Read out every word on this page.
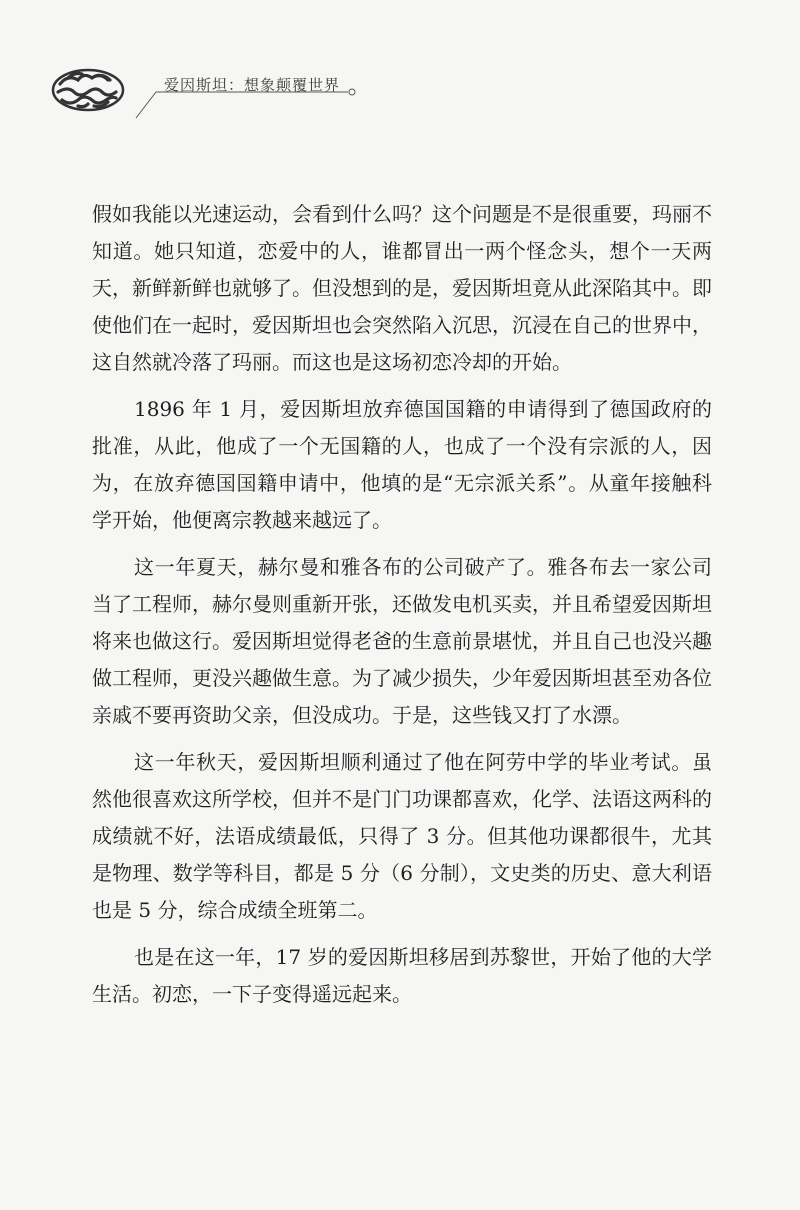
爱因斯坦：想象颠覆世界

假如我能以光速运动，会看到什么吗？这个问题是不是很重要，玛丽不知道。她只知道，恋爱中的人，谁都冒出一两个怪念头，想个一天两天，新鲜新鲜也就够了。但没想到的是，爱因斯坦竟从此深陷其中。即使他们在一起时，爱因斯坦也会突然陷入沉思，沉浸在自己的世界中，这自然就冷落了玛丽。而这也是这场初恋冷却的开始。

1896 年 1 月，爱因斯坦放弃德国国籍的申请得到了德国政府的批准，从此，他成了一个无国籍的人，也成了一个没有宗派的人，因为，在放弃德国国籍申请中，他填的是“无宗派关系”。从童年接触科学开始，他便离宗教越来越远了。

这一年夏天，赫尔曼和雅各布的公司破产了。雅各布去一家公司当了工程师，赫尔曼则重新开张，还做发电机买卖，并且希望爱因斯坦将来也做这行。爱因斯坦觉得老爸的生意前景堪忧，并且自己也没兴趣做工程师，更没兴趣做生意。为了减少损失，少年爱因斯坦甚至劝各位亲戚不要再资助父亲，但没成功。于是，这些钱又打了水漂。

这一年秋天，爱因斯坦顺利通过了他在阿劳中学的毕业考试。虽然他很喜欢这所学校，但并不是门门功课都喜欢，化学、法语这两科的成绩就不好，法语成绩最低，只得了 3 分。但其他功课都很牛，尤其是物理、数学等科目，都是 5 分（6 分制），文史类的历史、意大利语也是 5 分，综合成绩全班第二。

也是在这一年，17 岁的爱因斯坦移居到苏黎世，开始了他的大学生活。初恋，一下子变得遥远起来。
